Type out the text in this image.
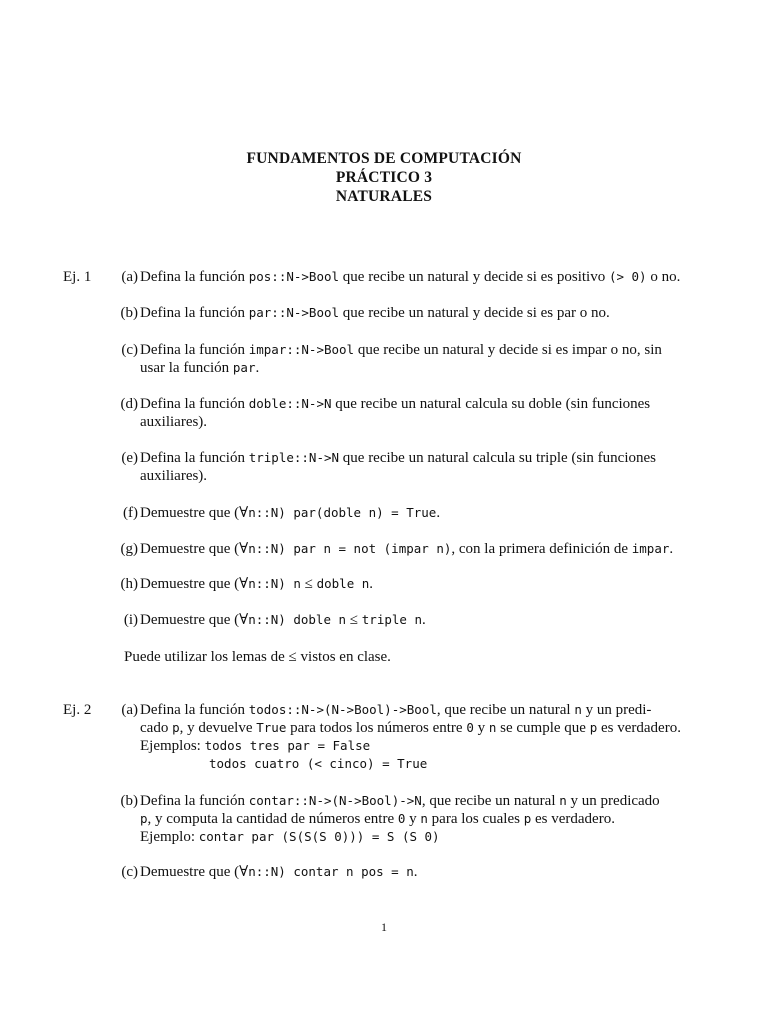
FUNDAMENTOS DE COMPUTACIÓN
PRÁCTICO 3
NATURALES
Ej. 1	(a) Defina la función pos::N->Bool que recibe un natural y decide si es positivo (> 0) o no.
(b) Defina la función par::N->Bool que recibe un natural y decide si es par o no.
(c) Defina la función impar::N->Bool que recibe un natural y decide si es impar o no, sin
usar la función par.
(d) Defina la función doble::N->N que recibe un natural calcula su doble (sin funciones
auxiliares).
(e) Defina la función triple::N->N que recibe un natural calcula su triple (sin funciones
auxiliares).
(f) Demuestre que (∀n::N) par(doble n) = True.
(g) Demuestre que (∀n::N) par n = not (impar n), con la primera definición de impar.
(h) Demuestre que (∀n::N) n ≤ doble n.
(i) Demuestre que (∀n::N) doble n ≤ triple n.
Puede utilizar los lemas de ≤ vistos en clase.
Ej. 2	(a) Defina la función todos::N->(N->Bool)->Bool, que recibe un natural n y un predi-
cado p, y devuelve True para todos los números entre 0 y n se cumple que p es verdadero.
Ejemplos: todos tres par = False
todos cuatro (< cinco) = True
(b) Defina la función contar::N->(N->Bool)->N, que recibe un natural n y un predicado
p, y computa la cantidad de números entre 0 y n para los cuales p es verdadero.
Ejemplo: contar par (S(S(S 0))) = S (S 0)
(c) Demuestre que (∀n::N) contar n pos = n.
1
